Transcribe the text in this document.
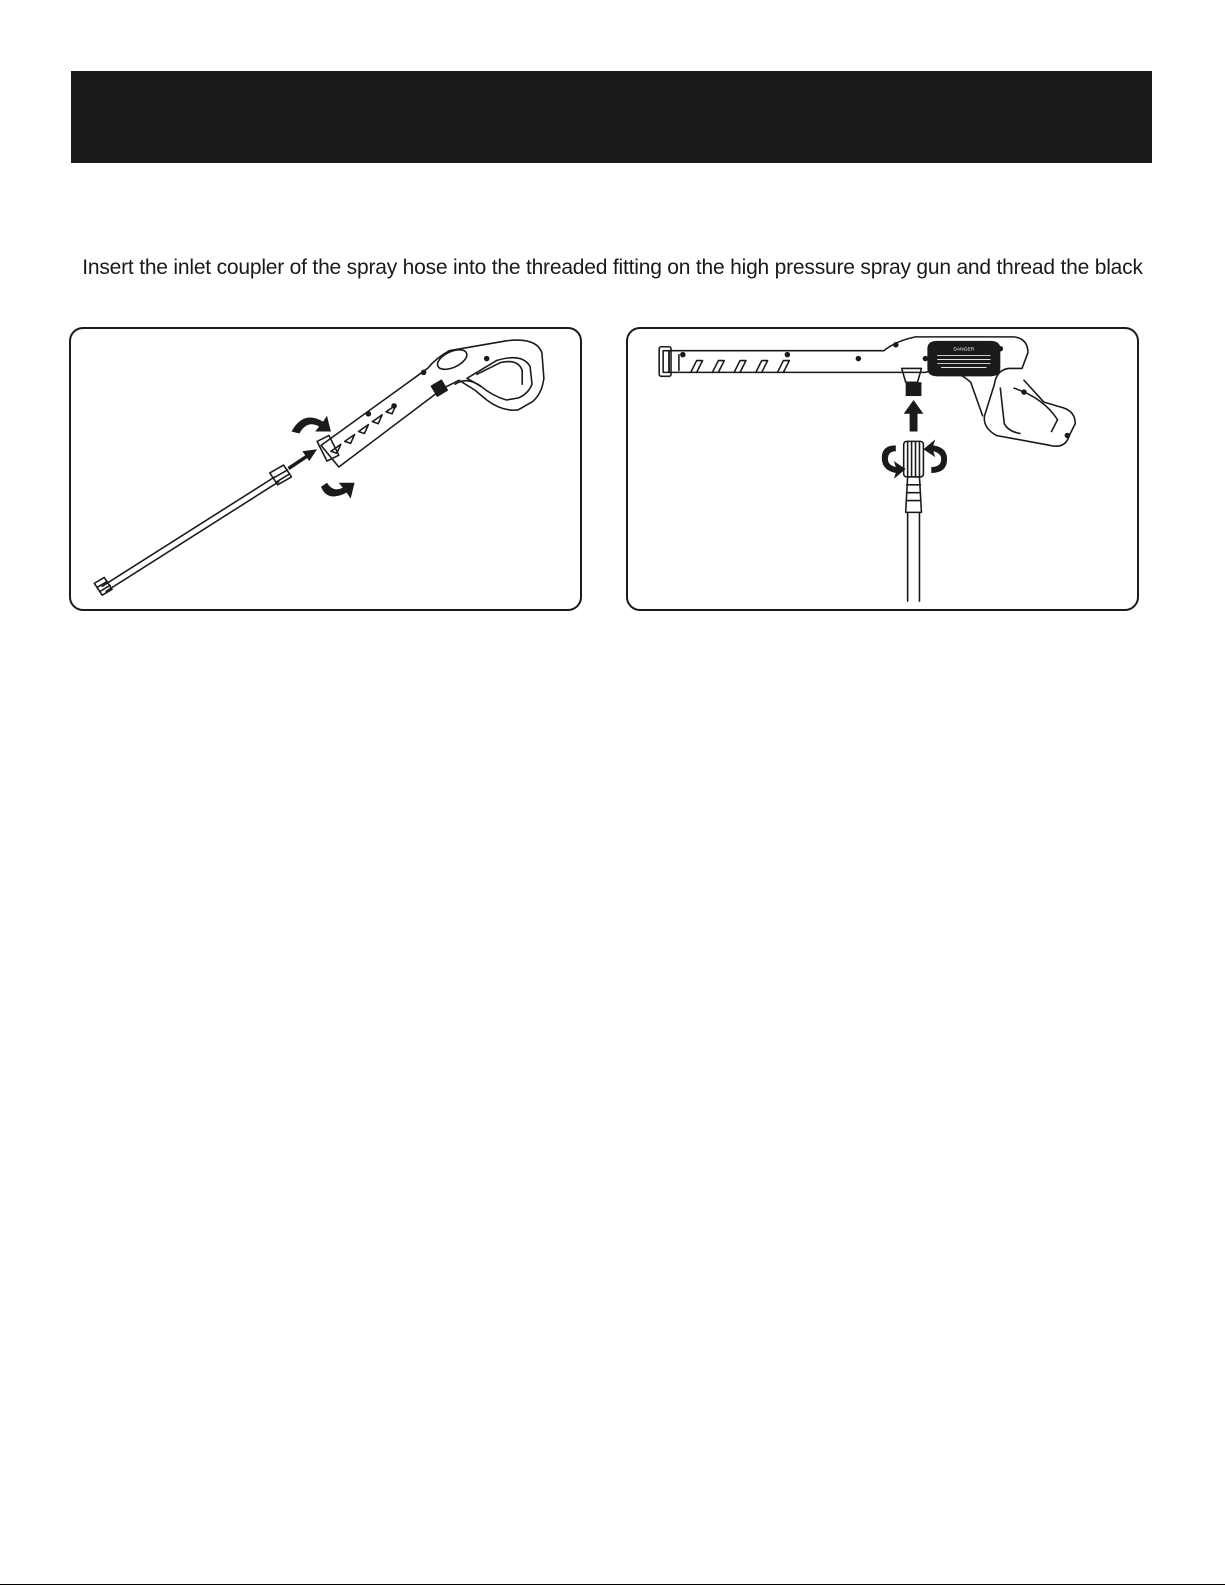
Insert the inlet coupler of the spray hose into the threaded fitting on the high pressure spray gun and thread the black
DANGER
